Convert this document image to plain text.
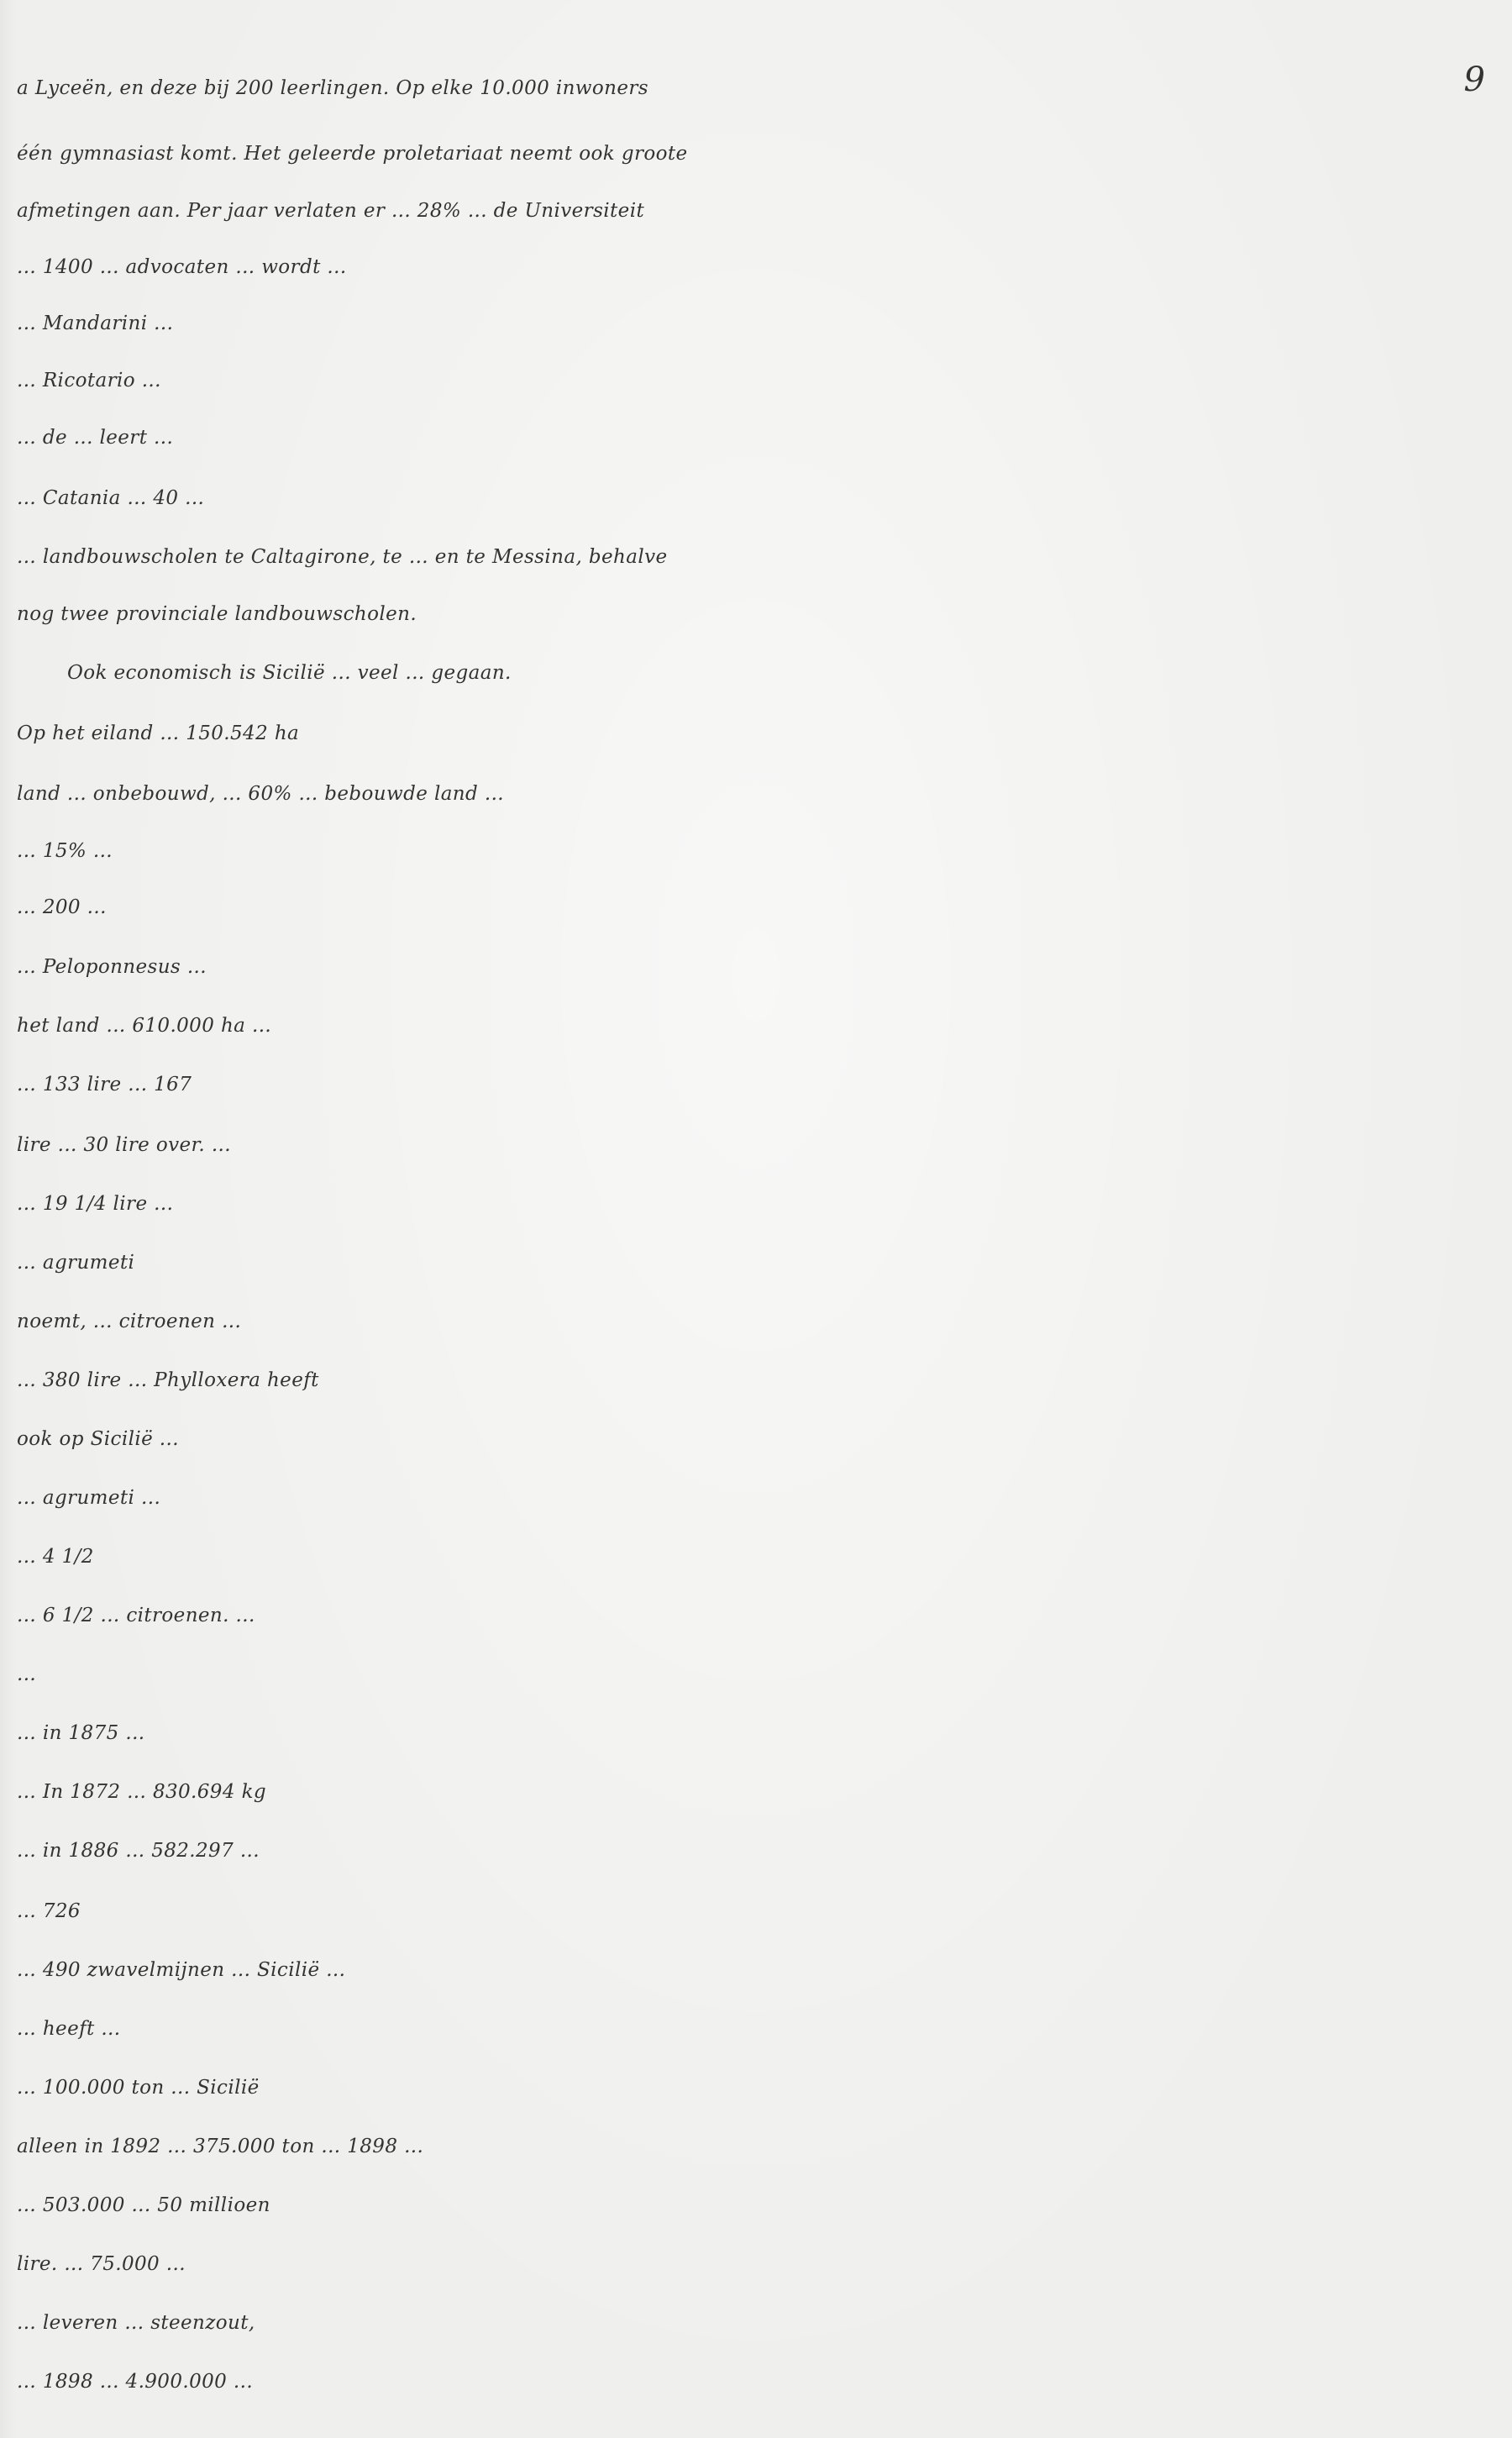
9
a Lyceën, en deze bij 200 leerlingen. Op elke 10.000 inwoners
één gymnasiast komt. Het geleerde proletariaat neemt ook groote
afmetingen aan. Per jaar verlaten er ... 28% ... de Universiteit
... 1400 ... advocaten ... wordt ...
... Mandarini ...
... Ricotario ...
... de ... leert ...
... Catania ... 40 ...
... landbouwscholen te Caltagirone, te ... en te Messina, behalve
nog twee provinciale landbouwscholen.
Ook economisch is Sicilië ... veel ... gegaan.
Op het eiland ... 150.542 ha
land ... onbebouwd, ... 60% ... bebouwde land ...
... 15% ...
... 200 ...
... Peloponnesus ...
het land ... 610.000 ha ...
... 133 lire ... 167
lire ... 30 lire over. ...
... 19 1/4 lire ...
... agrumeti
noemt, ... citroenen ...
... 380 lire ... Phylloxera heeft
ook op Sicilië ...
... agrumeti ...
... 4 1/2
... 6 1/2 ... citroenen. ...
...
... in 1875 ...
... In 1872 ... 830.694 kg
... in 1886 ... 582.297 ...
... 726
... 490 zwavelmijnen ... Sicilië ...
... heeft ...
... 100.000 ton ... Sicilië
alleen in 1892 ... 375.000 ton ... 1898 ...
... 503.000 ... 50 millioen
lire. ... 75.000 ...
... leveren ... steenzout,
... 1898 ... 4.900.000 ...
